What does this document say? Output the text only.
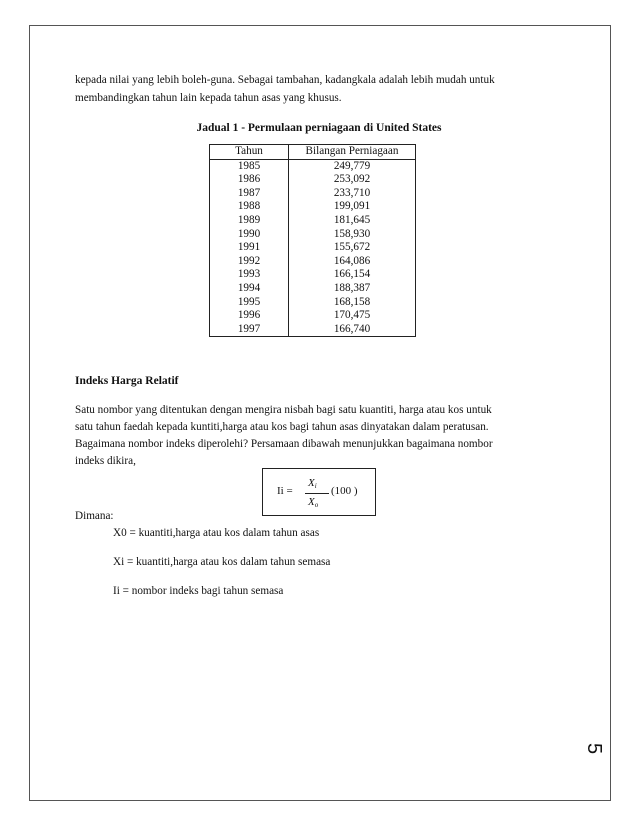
kepada nilai yang lebih boleh-guna. Sebagai tambahan, kadangkala adalah lebih mudah untuk

membandingkan tahun lain kepada tahun asas yang khusus.

Jadual 1 - Permulaan perniagaan di United States

Tahun	Bilangan Perniagaan
1985	249,779
1986	253,092
1987	233,710
1988	199,091
1989	181,645
1990	158,930
1991	155,672
1992	164,086
1993	166,154
1994	188,387
1995	168,158
1996	170,475
1997	166,740

Indeks Harga Relatif

Satu nombor yang ditentukan dengan mengira nisbah bagi satu kuantiti, harga atau kos untuk

satu tahun faedah kepada kuntiti,harga atau kos bagi tahun asas dinyatakan dalam peratusan.

Bagaimana nombor indeks diperolehi? Persamaan dibawah menunjukkan bagaimana nombor

indeks dikira,

Ii =
Xi
Xo
(100 )

Dimana:

X0 = kuantiti,harga atau kos dalam tahun asas

Xi = kuantiti,harga atau kos dalam tahun semasa

Ii = nombor indeks bagi tahun semasa

5
